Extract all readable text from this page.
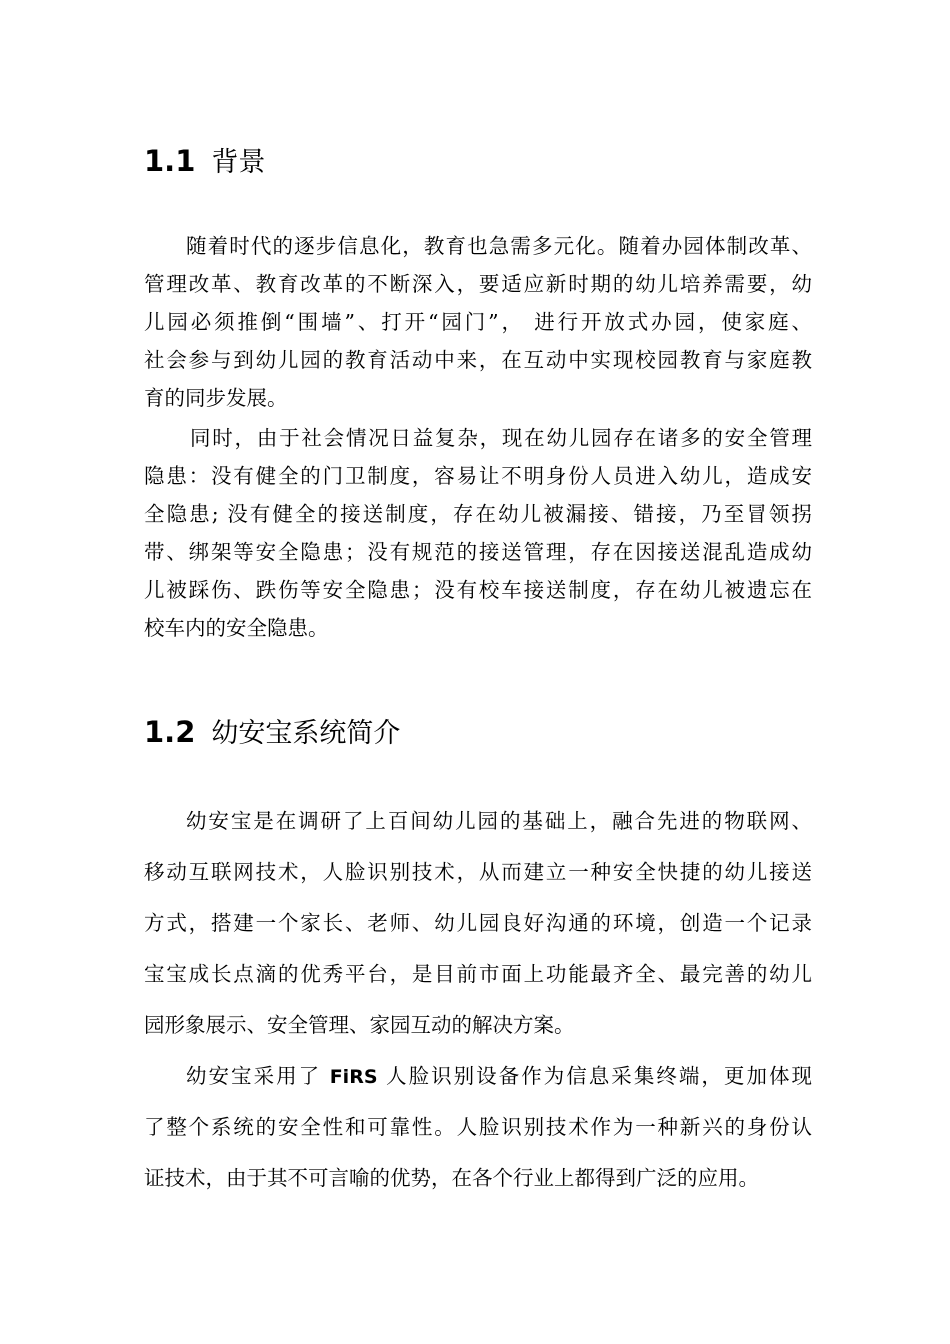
1.1 背景
随着时代的逐步信息化，教育也急需多元化。随着办园体制改革、
管理改革、教育改革的不断深入，要适应新时期的幼儿培养需要，幼
儿园必须推倒“围墙”、打开“园门”， 进行开放式办园，使家庭、
社会参与到幼儿园的教育活动中来，在互动中实现校园教育与家庭教
育的同步发展。
同时，由于社会情况日益复杂，现在幼儿园存在诸多的安全管理
隐患：没有健全的门卫制度，容易让不明身份人员进入幼儿，造成安
全隐患; 没有健全的接送制度，存在幼儿被漏接、错接，乃至冒领拐
带、绑架等安全隐患；没有规范的接送管理，存在因接送混乱造成幼
儿被踩伤、跌伤等安全隐患；没有校车接送制度，存在幼儿被遗忘在
校车内的安全隐患。
1.2 幼安宝系统简介
幼安宝是在调研了上百间幼儿园的基础上，融合先进的物联网、
移动互联网技术，人脸识别技术，从而建立一种安全快捷的幼儿接送
方式，搭建一个家长、老师、幼儿园良好沟通的环境，创造一个记录
宝宝成长点滴的优秀平台，是目前市面上功能最齐全、最完善的幼儿
园形象展示、安全管理、家园互动的解决方案。
幼安宝采用了 FiRS 人脸识别设备作为信息采集终端，更加体现
了整个系统的安全性和可靠性。人脸识别技术作为一种新兴的身份认
证技术，由于其不可言喻的优势，在各个行业上都得到广泛的应用。
